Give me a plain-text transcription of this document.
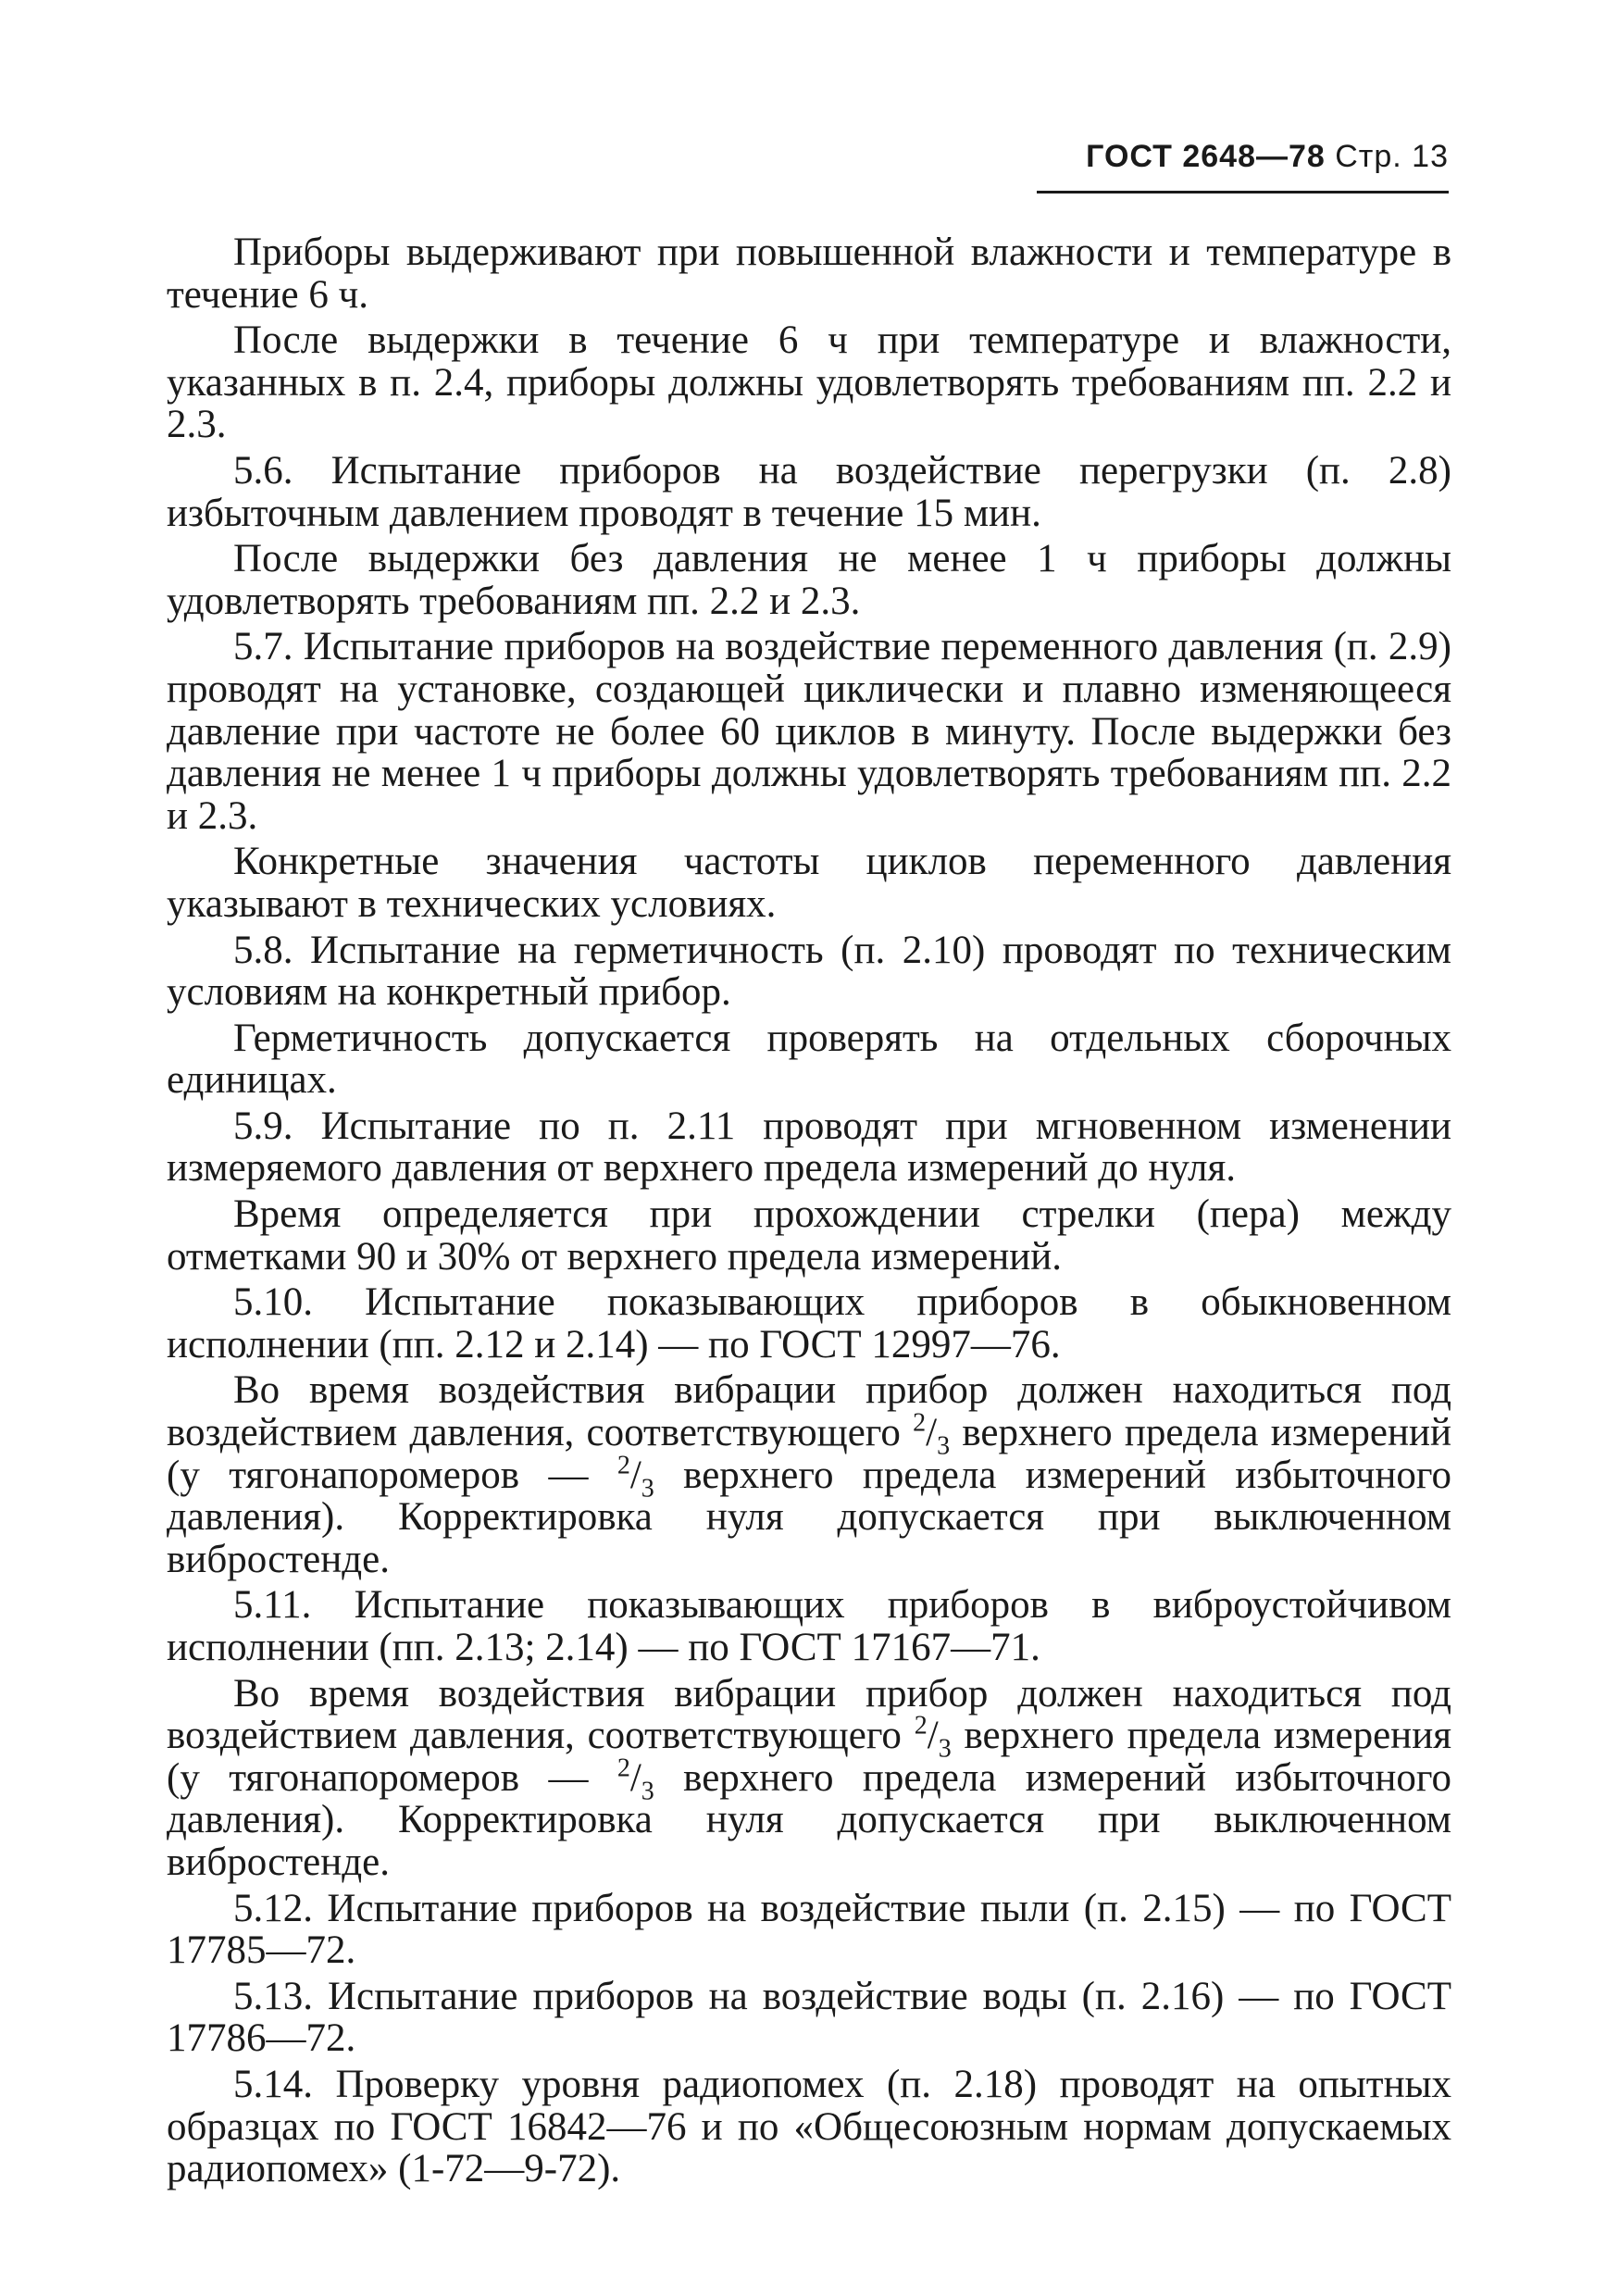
ГОСТ 2648—78 Стр. 13

Приборы выдерживают при повышенной влажности и температуре в течение 6 ч.

После выдержки в течение 6 ч при температуре и влажности, указанных в п. 2.4, приборы должны удовлетворять требованиям пп. 2.2 и 2.3.

5.6. Испытание приборов на воздействие перегрузки (п. 2.8) избыточным давлением проводят в течение 15 мин.

После выдержки без давления не менее 1 ч приборы должны удовлетворять требованиям пп. 2.2 и 2.3.

5.7. Испытание приборов на воздействие переменного давления (п. 2.9) проводят на установке, создающей циклически и плавно изменяющееся давление при частоте не более 60 циклов в минуту. После выдержки без давления не менее 1 ч приборы должны удовлетворять требованиям пп. 2.2 и 2.3.

Конкретные значения частоты циклов переменного давления указывают в технических условиях.

5.8. Испытание на герметичность (п. 2.10) проводят по техническим условиям на конкретный прибор.

Герметичность допускается проверять на отдельных сборочных единицах.

5.9. Испытание по п. 2.11 проводят при мгновенном изменении измеряемого давления от верхнего предела измерений до нуля.

Время определяется при прохождении стрелки (пера) между отметками 90 и 30% от верхнего предела измерений.

5.10. Испытание показывающих приборов в обыкновенном исполнении (пп. 2.12 и 2.14) — по ГОСТ 12997—76.

Во время воздействия вибрации прибор должен находиться под воздействием давления, соответствующего $^2/_3$ верхнего предела измерений (у тягонапоромеров — $^2/_3$ верхнего предела измерений избыточного давления). Корректировка нуля допускается при выключенном вибростенде.

5.11. Испытание показывающих приборов в виброустойчивом исполнении (пп. 2.13; 2.14) — по ГОСТ 17167—71.

Во время воздействия вибрации прибор должен находиться под воздействием давления, соответствующего $^2/_3$ верхнего предела измерения (у тягонапоромеров — $^2/_3$ верхнего предела измерений избыточного давления). Корректировка нуля допускается при выключенном вибростенде.

5.12. Испытание приборов на воздействие пыли (п. 2.15) — по ГОСТ 17785—72.

5.13. Испытание приборов на воздействие воды (п. 2.16) — по ГОСТ 17786—72.

5.14. Проверку уровня радиопомех (п. 2.18) проводят на опытных образцах по ГОСТ 16842—76 и по «Общесоюзным нормам допускаемых радиопомех» (1-72—9-72).
